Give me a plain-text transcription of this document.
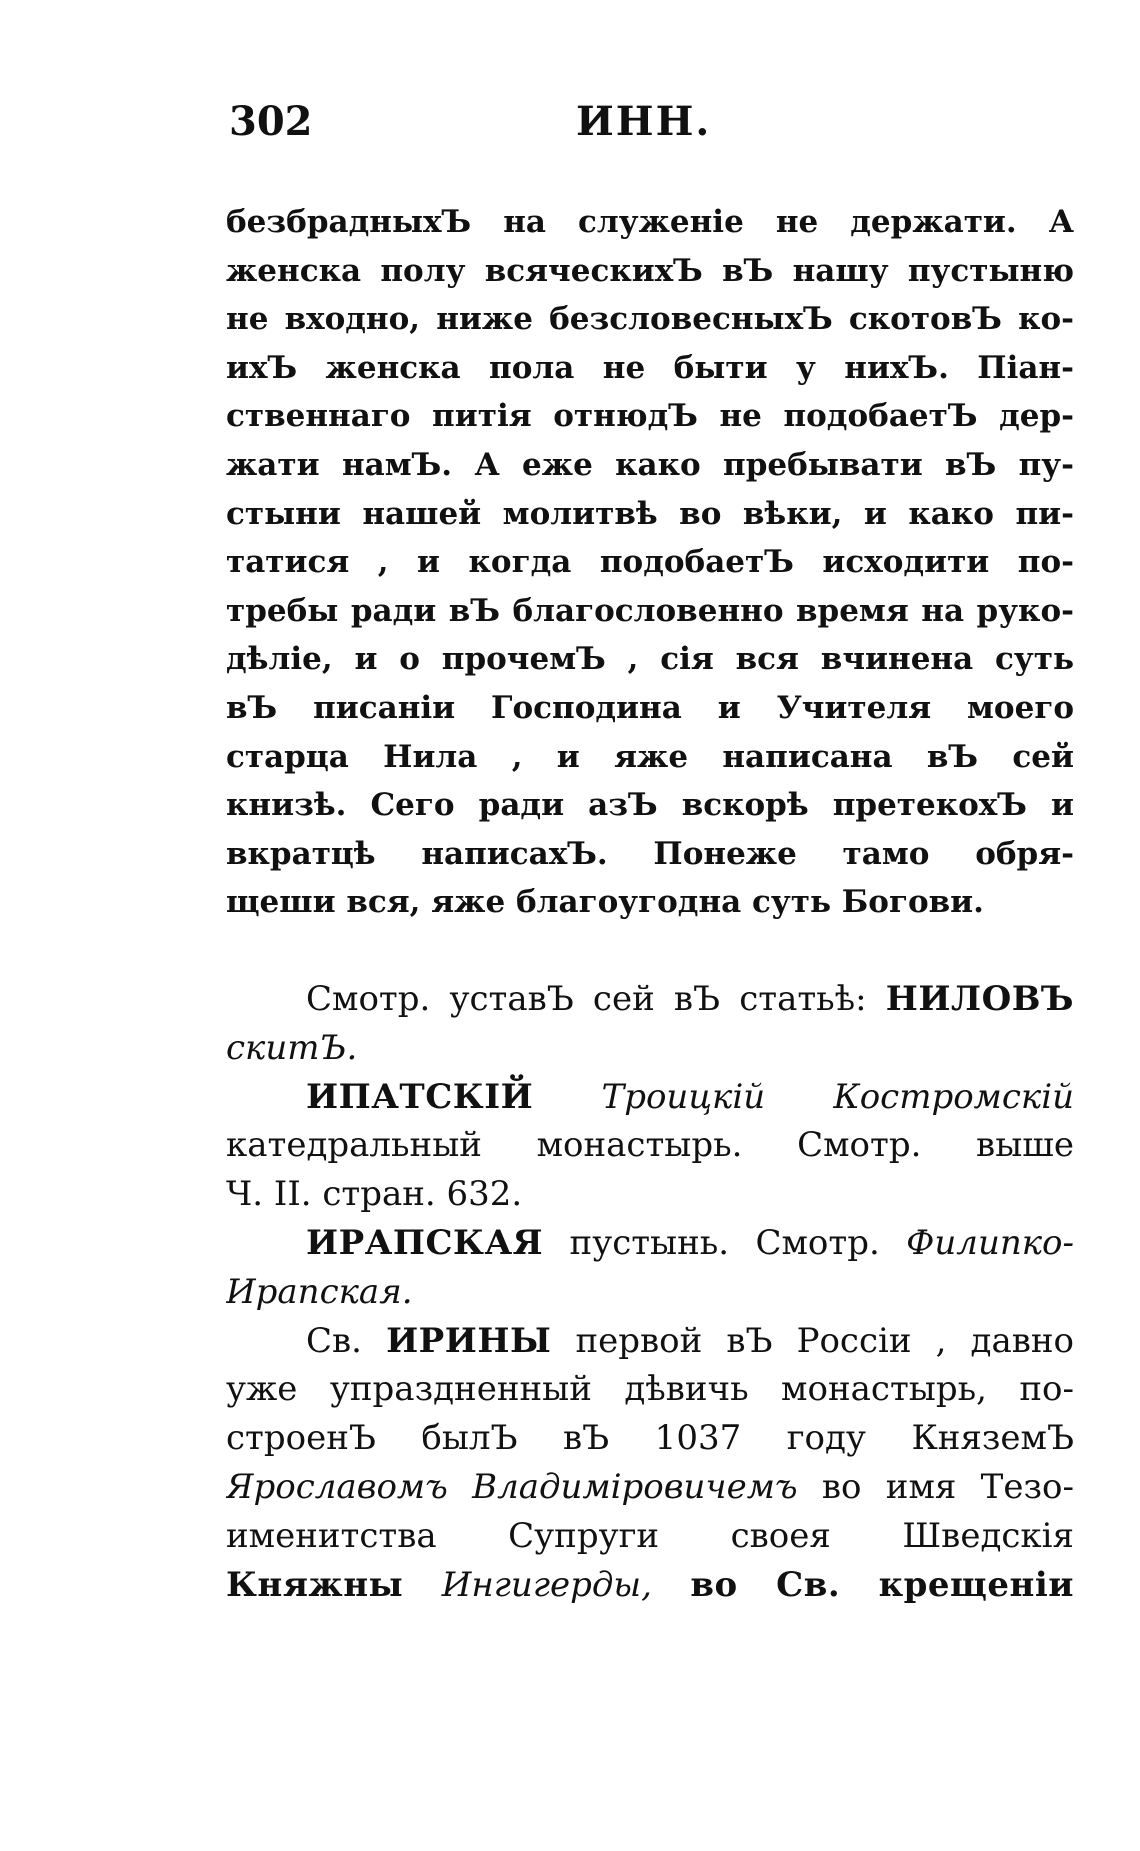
302	ИНН.
безбрадныхЪ на служеніе не держати. А
женска полу всяческихЪ вЪ нашу пустыню
не входно, ниже безсловесныхЪ скотовЪ ко-
ихЪ женска пола не быти у нихЪ. Піан-
ственнаго питія отнюдЪ не подобаетЪ дер-
жати намЪ. А еже како пребывати вЪ пу-
стыни нашей молитвѣ во вѣки, и како пи-
татися , и когда подобаетЪ исходити по-
требы ради вЪ благословенно время на руко-
дѣліе, и о прочемЪ , сія вся вчинена суть
вЪ писаніи Господина и Учителя моего
старца Нила , и яже написана вЪ сей
книзѣ. Сего ради азЪ вскорѣ претекохЪ и
вкратцѣ написахЪ. Понеже тамо обря-
щеши вся, яже благоугодна суть Богови.
Смотр. уставЪ сей вЪ статьѣ: НИЛОВЪ
скитЪ.
ИПАТСКІЙ Троицкій Костромскій
катедральный монастырь. Смотр. выше
Ч. II. стран. 632.
ИРАПСКАЯ пустынь. Смотр. Филипко-
Ирапская.
Св. ИРИНЫ первой вЪ Россіи , давно
уже упраздненный дѣвичь монастырь, по-
строенЪ былЪ вЪ 1037 году КняземЪ
Ярославомъ Владиміровичемъ во имя Тезо-
именитства Супруги своея Шведскія
Княжны Ингигерды, во Св. крещеніи
